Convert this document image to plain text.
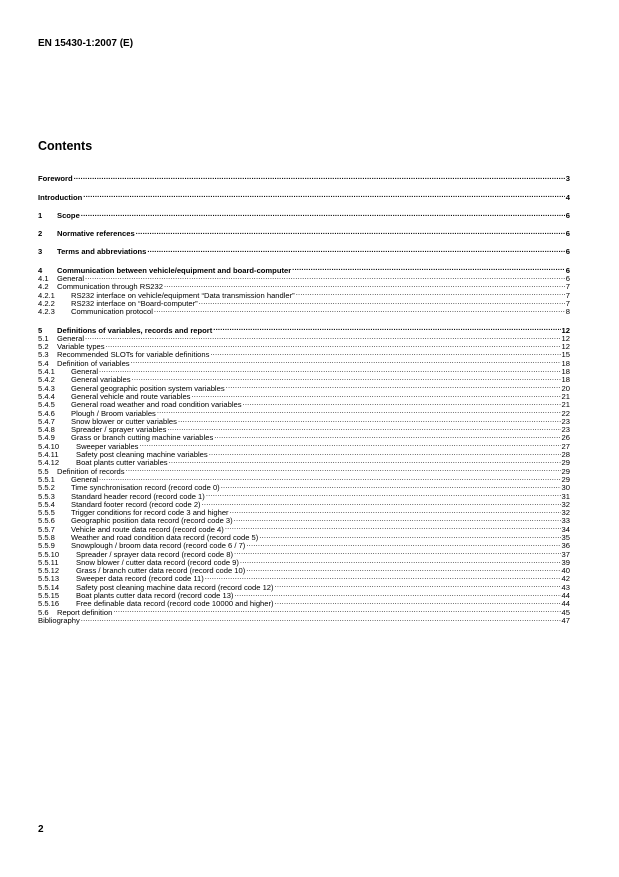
EN 15430-1:2007 (E)
Contents
Foreword .....	3
Introduction .....	4
1	Scope .....	6
2	Normative references .....	6
3	Terms and abbreviations .....	6
4	Communication between vehicle/equipment and board-computer .....	6
4.1	General .....	6
4.2	Communication through RS232 .....	7
4.2.1	RS232 interface on vehicle/equipment “Data transmission handler” .....	7
4.2.2	RS232 interface on “Board-computer” .....	7
4.2.3	Communication protocol .....	8
5	Definitions of variables, records and report .....	12
5.1	General .....	12
5.2	Variable types .....	12
5.3	Recommended SLOTs for variable definitions .....	15
5.4	Definition of variables .....	18
5.4.1	General .....	18
5.4.2	General variables .....	18
5.4.3	General geographic position system variables .....	20
5.4.4	General vehicle and route variables .....	21
5.4.5	General road weather and road condition variables .....	21
5.4.6	Plough / Broom variables .....	22
5.4.7	Snow blower or cutter variables .....	23
5.4.8	Spreader / sprayer variables .....	23
5.4.9	Grass or branch cutting machine variables .....	26
5.4.10	Sweeper variables .....	27
5.4.11	Safety post cleaning machine variables .....	28
5.4.12	Boat plants cutter variables .....	29
5.5	Definition of records .....	29
5.5.1	General .....	29
5.5.2	Time synchronisation record (record code 0) .....	30
5.5.3	Standard header record (record code 1) .....	31
5.5.4	Standard footer record (record code 2) .....	32
5.5.5	Trigger conditions for record code 3 and higher .....	32
5.5.6	Geographic position data record (record code 3) .....	33
5.5.7	Vehicle and route data record (record code 4) .....	34
5.5.8	Weather and road condition data record (record code 5) .....	35
5.5.9	Snowplough / broom data record (record code 6 / 7) .....	36
5.5.10	Spreader / sprayer data record (record code 8) .....	37
5.5.11	Snow blower / cutter data record (record code 9) .....	39
5.5.12	Grass / branch cutter data record (record code 10) .....	40
5.5.13	Sweeper data record (record code 11) .....	42
5.5.14	Safety post cleaning machine data record (record code 12) .....	43
5.5.15	Boat plants cutter data record (record code 13) .....	44
5.5.16	Free definable data record (record code 10000 and higher) .....	44
5.6	Report definition .....	45
Bibliography .....	47
2
